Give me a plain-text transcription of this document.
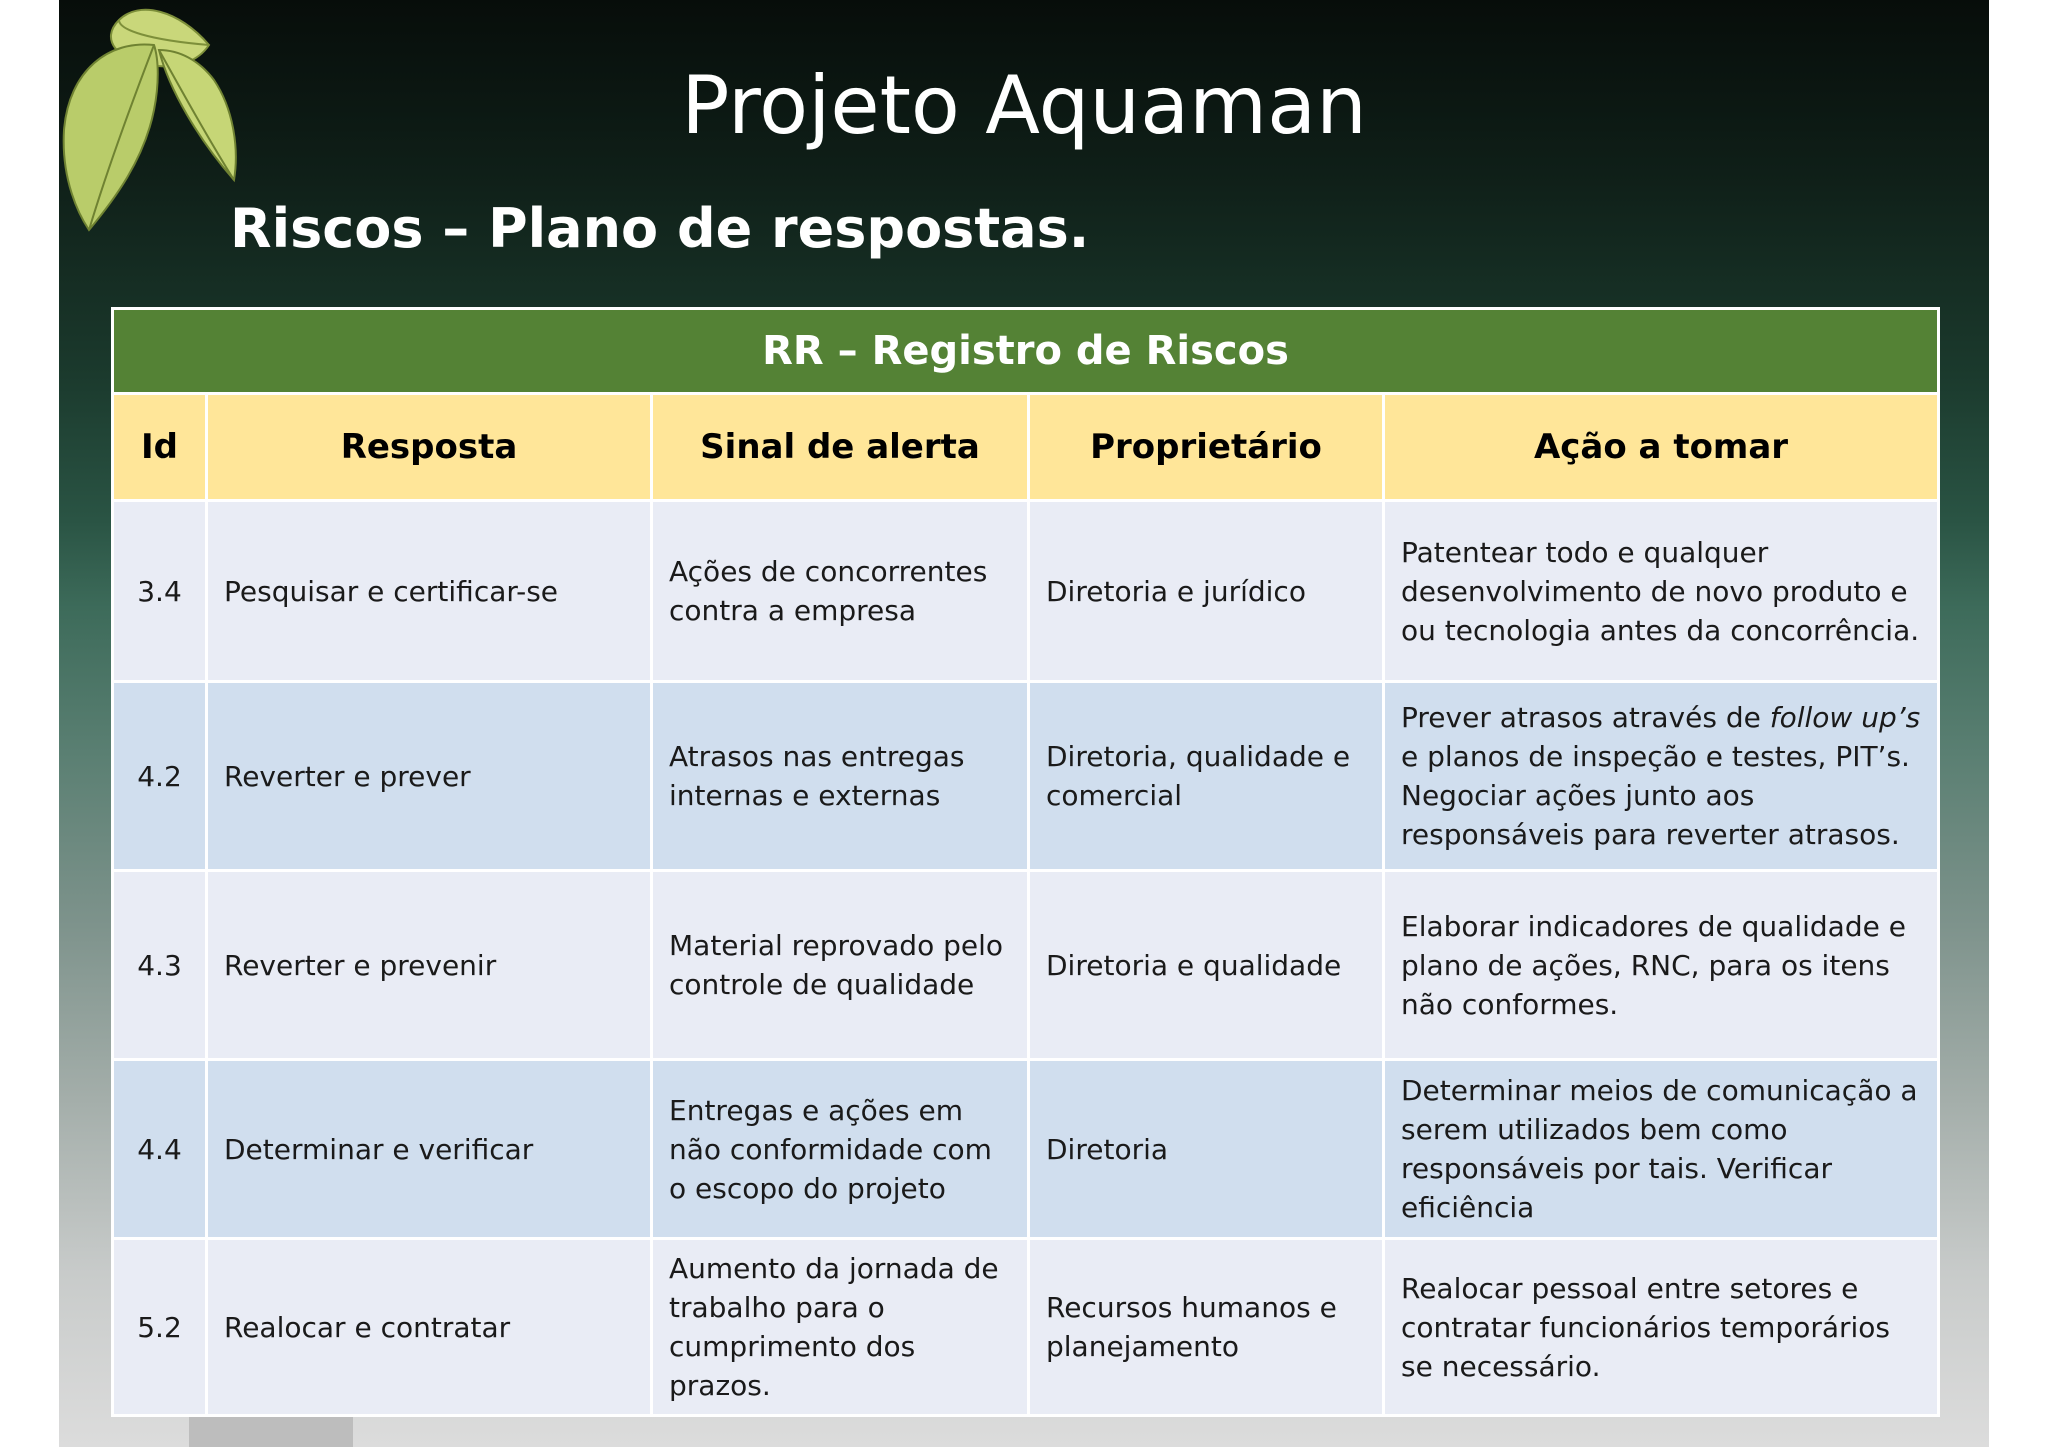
Projeto Aquaman
Riscos – Plano de respostas.
RR – Registro de Riscos				
Id	Resposta	Sinal de alerta	Proprietário	Ação a tomar
3.4	Pesquisar e certificar-se	Ações de concorrentes contra a empresa	Diretoria e jurídico	Patentear todo e qualquer desenvolvimento de novo produto e ou tecnologia antes da concorrência.
4.2	Reverter e prever	Atrasos nas entregas internas e externas	Diretoria, qualidade e comercial	Prever atrasos através de follow up’s e planos de inspeção e testes, PIT’s. Negociar ações junto aos responsáveis para reverter atrasos.
4.3	Reverter e prevenir	Material reprovado pelo controle de qualidade	Diretoria e qualidade	Elaborar indicadores de qualidade e plano de ações, RNC, para os itens não conformes.
4.4	Determinar e verificar	Entregas e ações em não conformidade com o escopo do projeto	Diretoria	Determinar meios de comunicação a serem utilizados bem como responsáveis por tais. Verificar eficiência
5.2	Realocar e contratar	Aumento da jornada de trabalho para o cumprimento dos prazos.	Recursos humanos e planejamento	Realocar pessoal entre setores e contratar funcionários temporários se necessário.
